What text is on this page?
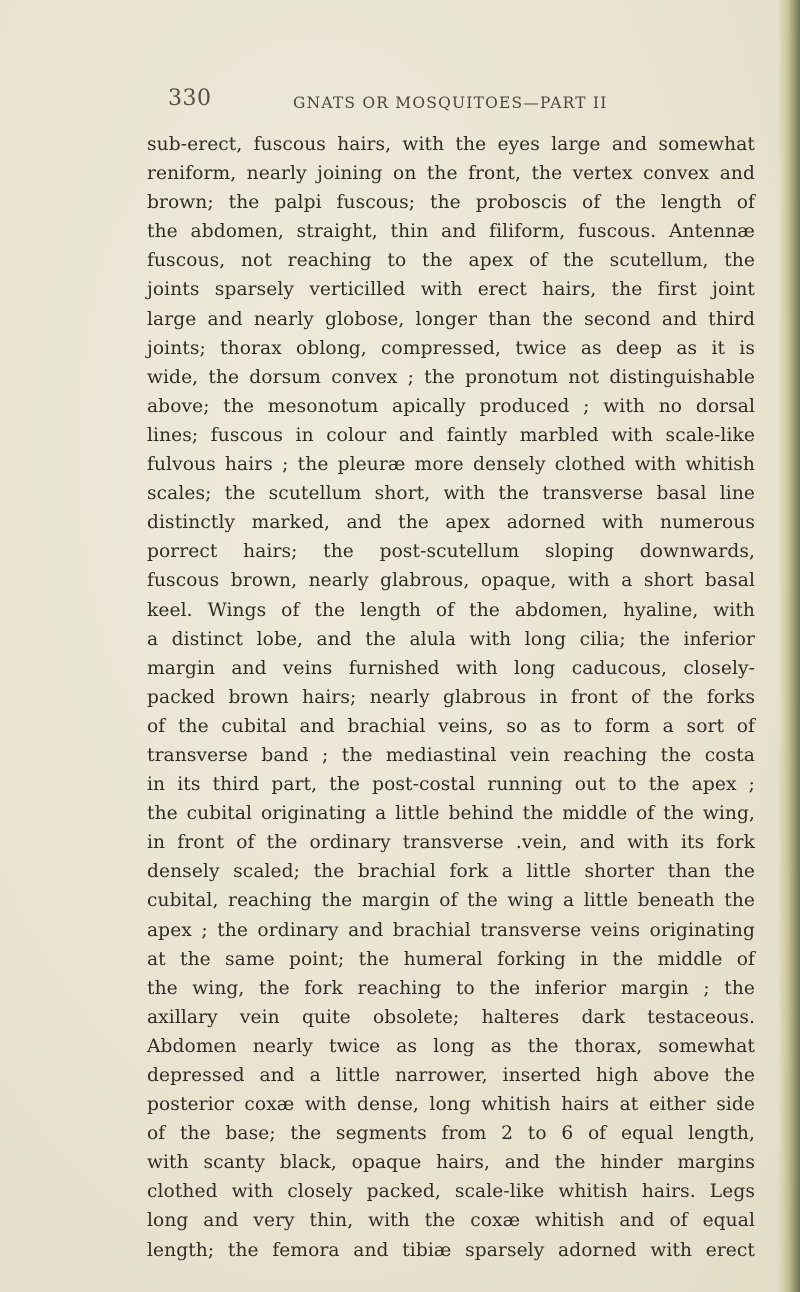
330	GNATS OR MOSQUITOES—PART II
sub-erect, fuscous hairs, with the eyes large and somewhat
reniform, nearly joining on the front, the vertex convex and
brown; the palpi fuscous; the proboscis of the length of
the abdomen, straight, thin and filiform, fuscous. Antennæ
fuscous, not reaching to the apex of the scutellum, the
joints sparsely verticilled with erect hairs, the first joint
large and nearly globose, longer than the second and third
joints; thorax oblong, compressed, twice as deep as it is
wide, the dorsum convex ; the pronotum not distinguishable
above; the mesonotum apically produced ; with no dorsal
lines; fuscous in colour and faintly marbled with scale-like
fulvous hairs ; the pleuræ more densely clothed with whitish
scales; the scutellum short, with the transverse basal line
distinctly marked, and the apex adorned with numerous
porrect hairs; the post-scutellum sloping downwards,
fuscous brown, nearly glabrous, opaque, with a short basal
keel. Wings of the length of the abdomen, hyaline, with
a distinct lobe, and the alula with long cilia; the inferior
margin and veins furnished with long caducous, closely-
packed brown hairs; nearly glabrous in front of the forks
of the cubital and brachial veins, so as to form a sort of
transverse band ; the mediastinal vein reaching the costa
in its third part, the post-costal running out to the apex ;
the cubital originating a little behind the middle of the wing,
in front of the ordinary transverse .vein, and with its fork
densely scaled; the brachial fork a little shorter than the
cubital, reaching the margin of the wing a little beneath the
apex ; the ordinary and brachial transverse veins originating
at the same point; the humeral forking in the middle of
the wing, the fork reaching to the inferior margin ; the
axillary vein quite obsolete; halteres dark testaceous.
Abdomen nearly twice as long as the thorax, somewhat
depressed and a little narrower, inserted high above the
posterior coxæ with dense, long whitish hairs at either side
of the base; the segments from 2 to 6 of equal length,
with scanty black, opaque hairs, and the hinder margins
clothed with closely packed, scale-like whitish hairs. Legs
long and very thin, with the coxæ whitish and of equal
length; the femora and tibiæ sparsely adorned with erect
